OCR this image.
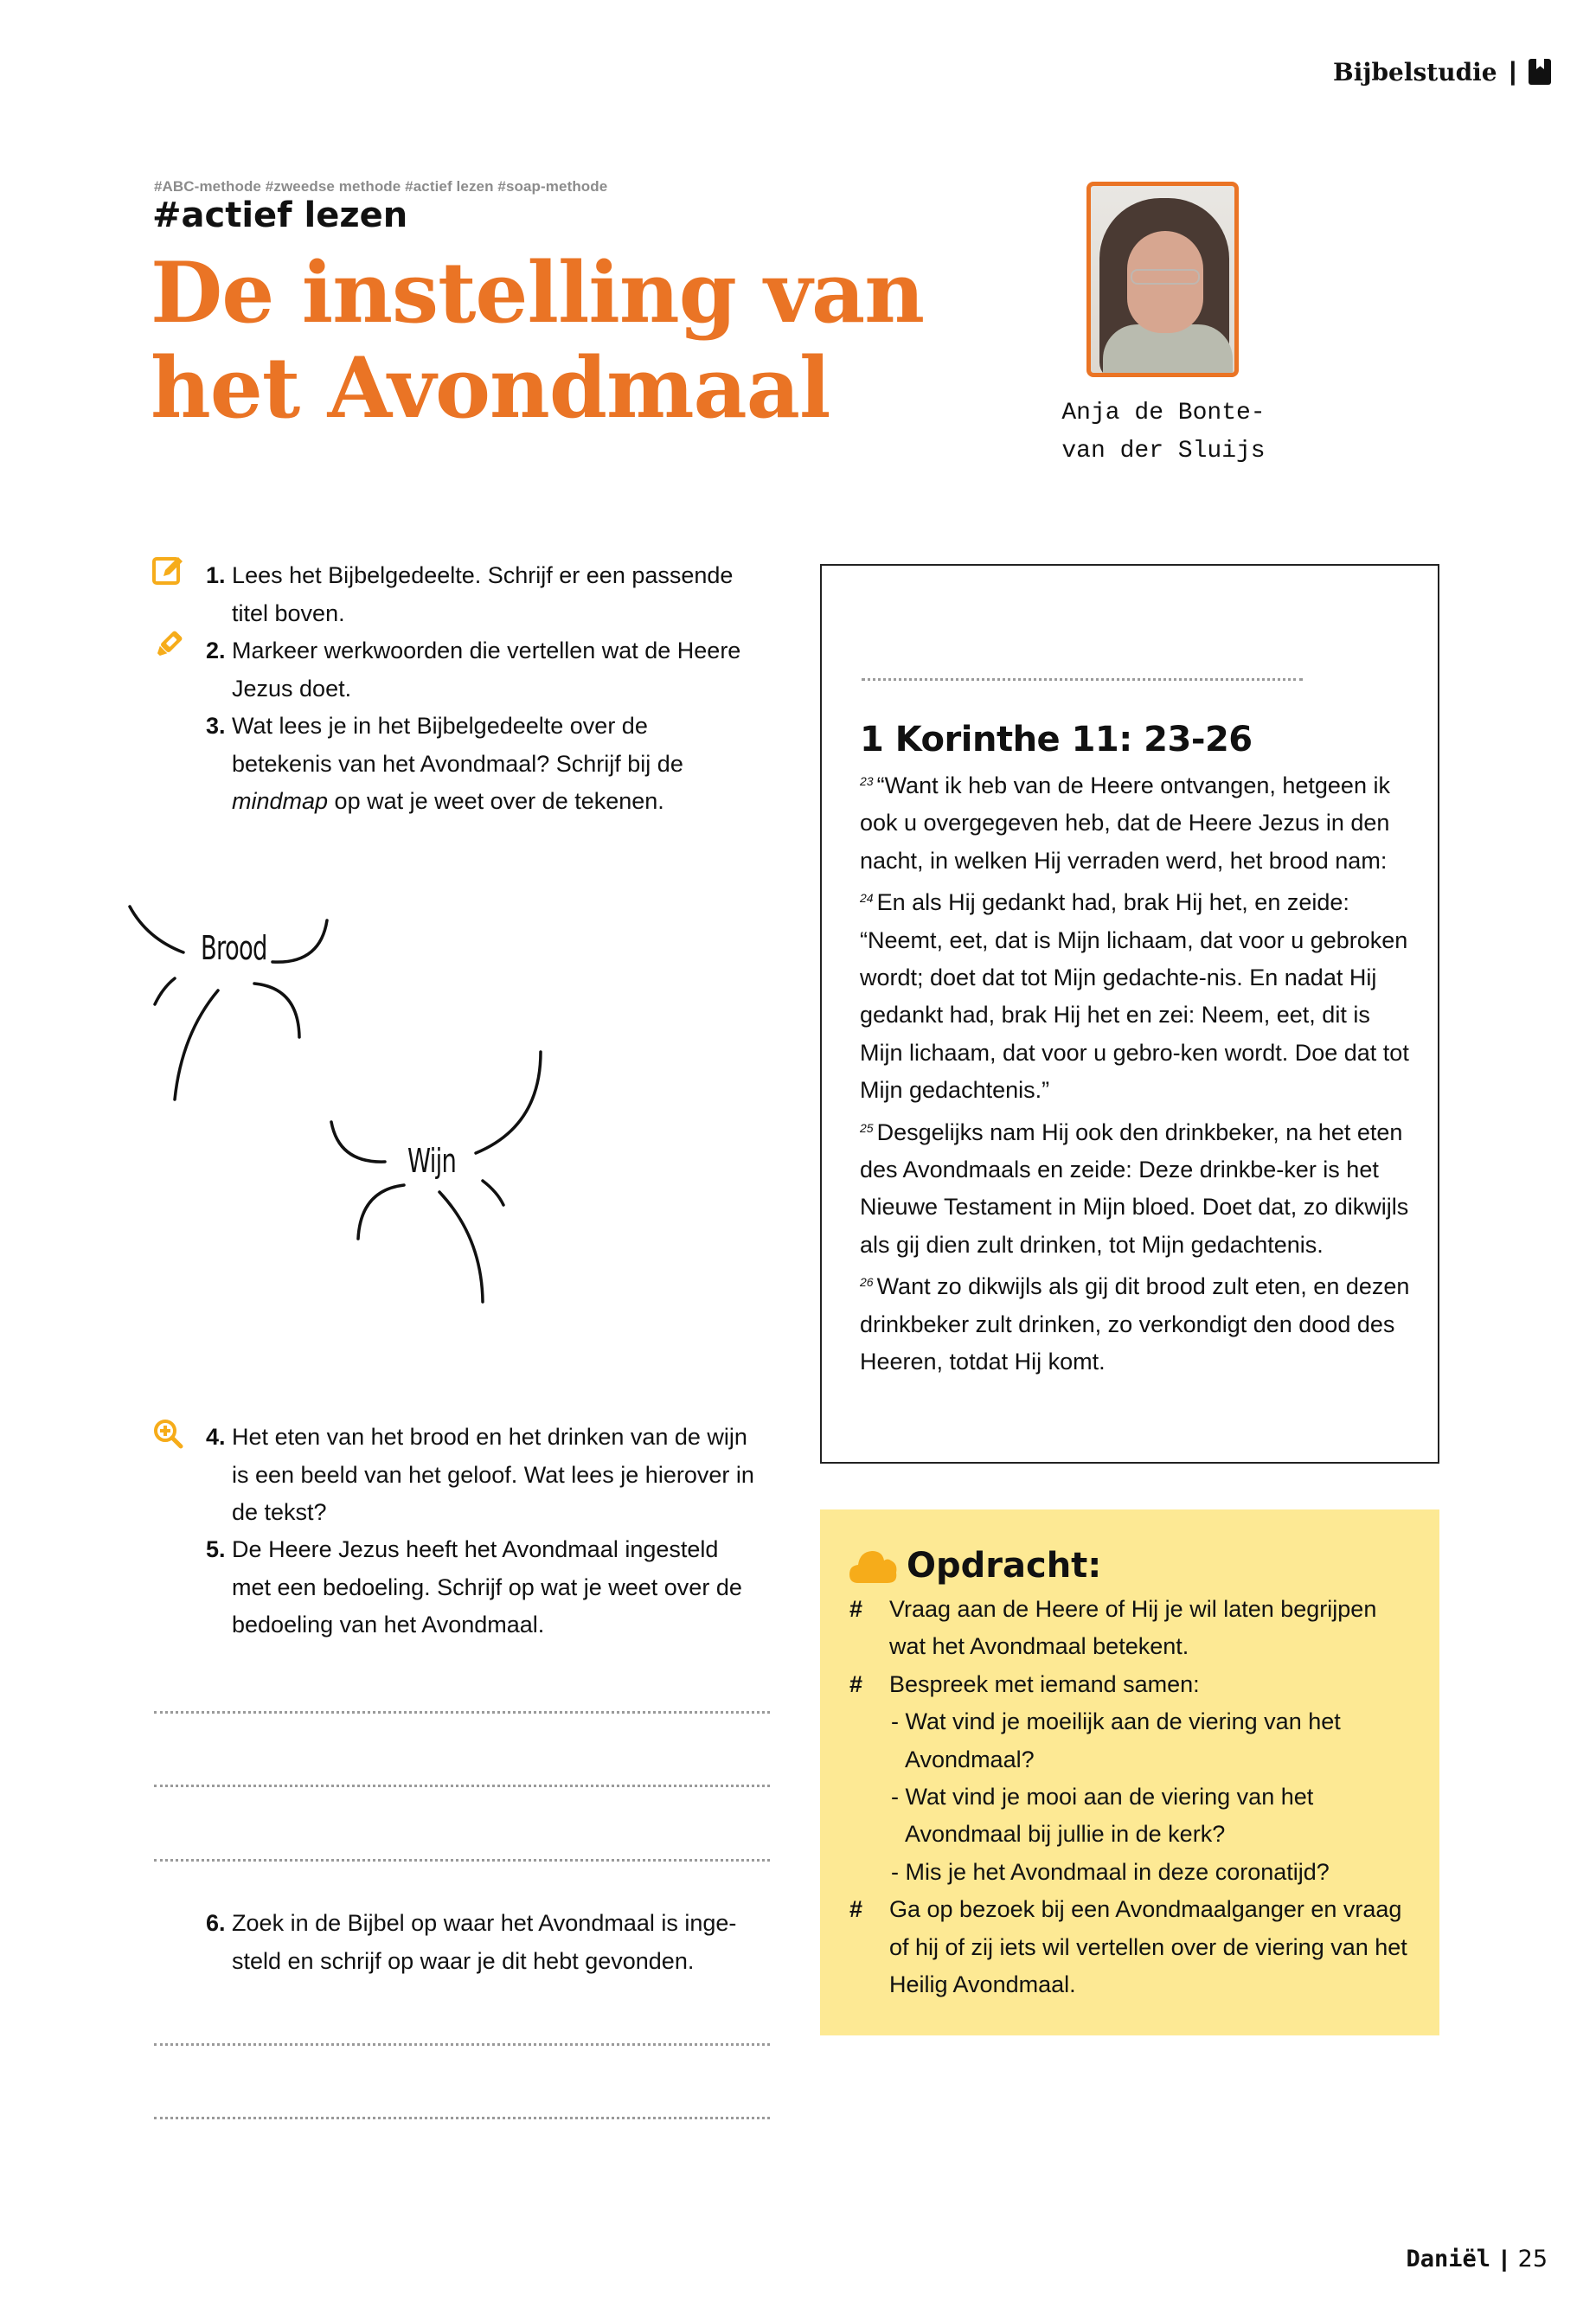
Bijbelstudie |
#ABC-methode #zweedse methode #actief lezen #soap-methode
#actief lezen
De instelling van
het Avondmaal	Anja de Bonte-
van der Sluijs
1. Lees het Bijbelgedeelte. Schrijf er een passende
titel boven.
2. Markeer werkwoorden die vertellen wat de Heere
Jezus doet.
3. Wat lees je in het Bijbelgedeelte over de
betekenis van het Avondmaal? Schrijf bij de
mindmap op wat je weet over de tekenen.
Brood
Wijn
4. Het eten van het brood en het drinken van de wijn
is een beeld van het geloof. Wat lees je hierover in
de tekst?
5. De Heere Jezus heeft het Avondmaal ingesteld
met een bedoeling. Schrijf op wat je weet over de
bedoeling van het Avondmaal.
6. Zoek in de Bijbel op waar het Avondmaal is inge-
steld en schrijf op waar je dit hebt gevonden.
1 Korinthe 11: 23-26
$^{23}$ “Want ik heb van de Heere ontvangen, hetgeen ik ook u overgegeven heb, dat de Heere Jezus in den nacht, in welken Hij verraden werd, het brood nam:
$^{24}$ En als Hij gedankt had, brak Hij het, en zeide: “Neemt, eet, dat is Mijn lichaam, dat voor u gebroken wordt; doet dat tot Mijn gedachte-nis. En nadat Hij gedankt had, brak Hij het en zei: Neem, eet, dit is Mijn lichaam, dat voor u gebro-ken wordt. Doe dat tot Mijn gedachtenis.”
$^{25}$ Desgelijks nam Hij ook den drinkbeker, na het eten des Avondmaals en zeide: Deze drinkbe-ker is het Nieuwe Testament in Mijn bloed. Doet dat, zo dikwijls als gij dien zult drinken, tot Mijn gedachtenis.
$^{26}$ Want zo dikwijls als gij dit brood zult eten, en dezen drinkbeker zult drinken, zo verkondigt den dood des Heeren, totdat Hij komt.
Opdracht:
# Vraag aan de Heere of Hij je wil laten begrijpen wat het Avondmaal betekent.
# Bespreek met iemand samen:
- Wat vind je moeilijk aan de viering van het Avondmaal?
- Wat vind je mooi aan de viering van het Avondmaal bij jullie in de kerk?
- Mis je het Avondmaal in deze coronatijd?
# Ga op bezoek bij een Avondmaalganger en vraag of hij of zij iets wil vertellen over de viering van het Heilig Avondmaal.
Daniël | 25
